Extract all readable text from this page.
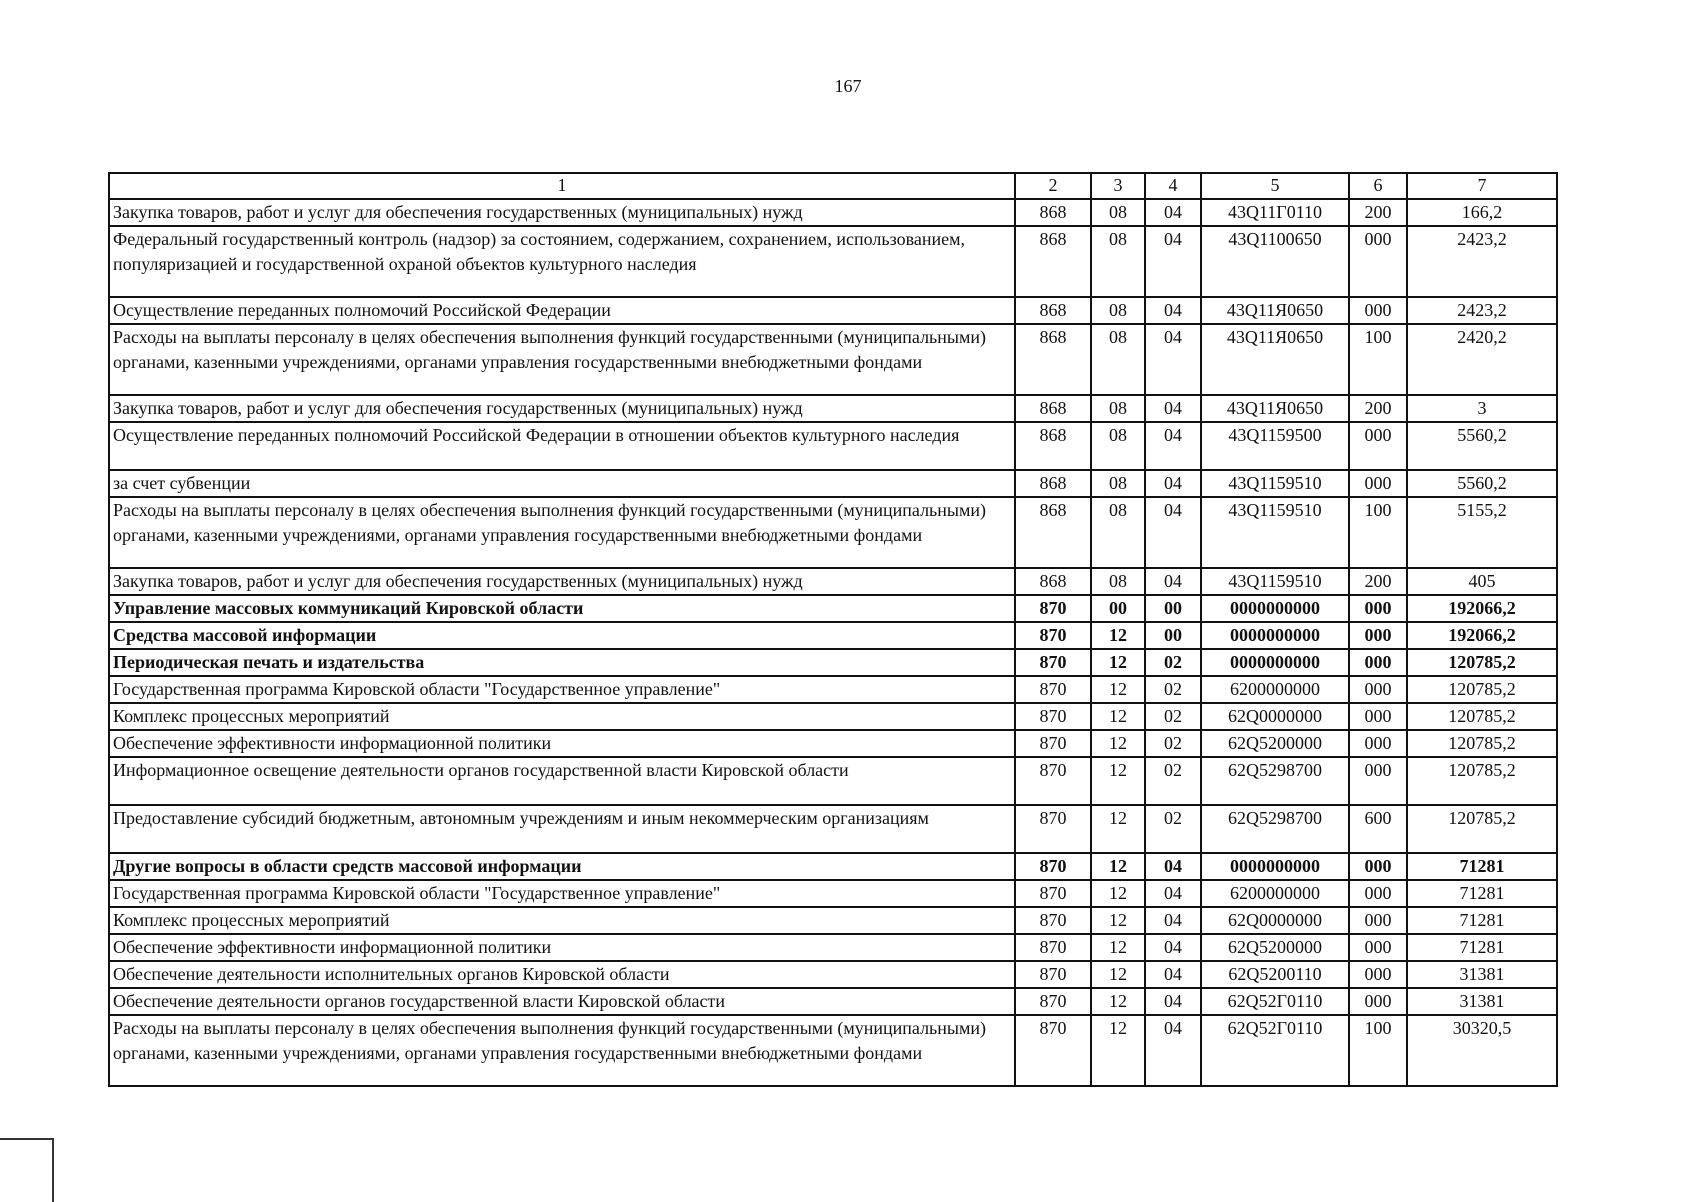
167
1	2	3	4	5	6	7
Закупка товаров, работ и услуг для обеспечения государственных (муниципальных) нужд	868	08	04	43Q11Г0110	200	166,2
Федеральный государственный контроль (надзор) за состоянием, содержанием, сохранением, использованием, популяризацией и государственной охраной объектов культурного наследия	868	08	04	43Q1100650	000	2423,2
Осуществление переданных полномочий Российской Федерации	868	08	04	43Q11Я0650	000	2423,2
Расходы на выплаты персоналу в целях обеспечения выполнения функций государственными (муниципальными) органами, казенными учреждениями, органами управления государственными внебюджетными фондами	868	08	04	43Q11Я0650	100	2420,2
Закупка товаров, работ и услуг для обеспечения государственных (муниципальных) нужд	868	08	04	43Q11Я0650	200	3
Осуществление переданных полномочий Российской Федерации в отношении объектов культурного наследия	868	08	04	43Q1159500	000	5560,2
за счет субвенции	868	08	04	43Q1159510	000	5560,2
Расходы на выплаты персоналу в целях обеспечения выполнения функций государственными (муниципальными) органами, казенными учреждениями, органами управления государственными внебюджетными фондами	868	08	04	43Q1159510	100	5155,2
Закупка товаров, работ и услуг для обеспечения государственных (муниципальных) нужд	868	08	04	43Q1159510	200	405
Управление массовых коммуникаций Кировской области	870	00	00	0000000000	000	192066,2
Средства массовой информации	870	12	00	0000000000	000	192066,2
Периодическая печать и издательства	870	12	02	0000000000	000	120785,2
Государственная программа Кировской области "Государственное управление"	870	12	02	6200000000	000	120785,2
Комплекс процессных мероприятий	870	12	02	62Q0000000	000	120785,2
Обеспечение эффективности информационной политики	870	12	02	62Q5200000	000	120785,2
Информационное освещение деятельности органов государственной власти Кировской области	870	12	02	62Q5298700	000	120785,2
Предоставление субсидий бюджетным, автономным учреждениям и иным некоммерческим организациям	870	12	02	62Q5298700	600	120785,2
Другие вопросы в области средств массовой информации	870	12	04	0000000000	000	71281
Государственная программа Кировской области "Государственное управление"	870	12	04	6200000000	000	71281
Комплекс процессных мероприятий	870	12	04	62Q0000000	000	71281
Обеспечение эффективности информационной политики	870	12	04	62Q5200000	000	71281
Обеспечение деятельности исполнительных органов Кировской области	870	12	04	62Q5200110	000	31381
Обеспечение деятельности органов государственной власти Кировской области	870	12	04	62Q52Г0110	000	31381
Расходы на выплаты персоналу в целях обеспечения выполнения функций государственными (муниципальными) органами, казенными учреждениями, органами управления государственными внебюджетными фондами	870	12	04	62Q52Г0110	100	30320,5
